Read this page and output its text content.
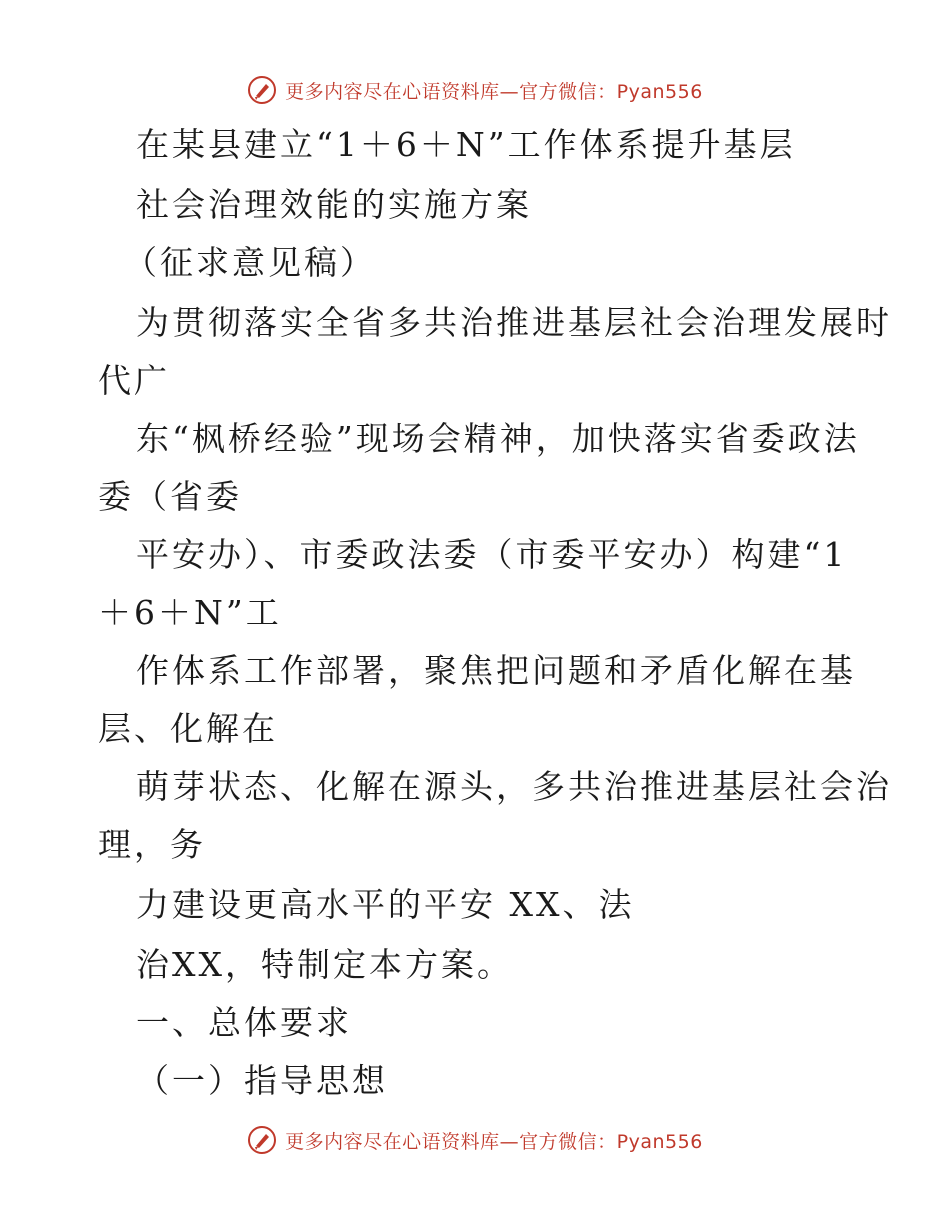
更多内容尽在心语资料库—官方微信：Pyan556
在某县建立“1＋6＋N”工作体系提升基层
社会治理效能的实施方案
（征求意见稿）
为贯彻落实全省多共治推进基层社会治理发展时
代广
东“枫桥经验”现场会精神，加快落实省委政法
委（省委
平安办）、市委政法委（市委平安办）构建“1
＋6＋N”工
作体系工作部署，聚焦把问题和矛盾化解在基
层、化解在
萌芽状态、化解在源头，多共治推进基层社会治
理，务
力建设更高水平的平安 XX、法
治XX，特制定本方案。
一、总体要求
（一）指导思想
更多内容尽在心语资料库—官方微信：Pyan556
